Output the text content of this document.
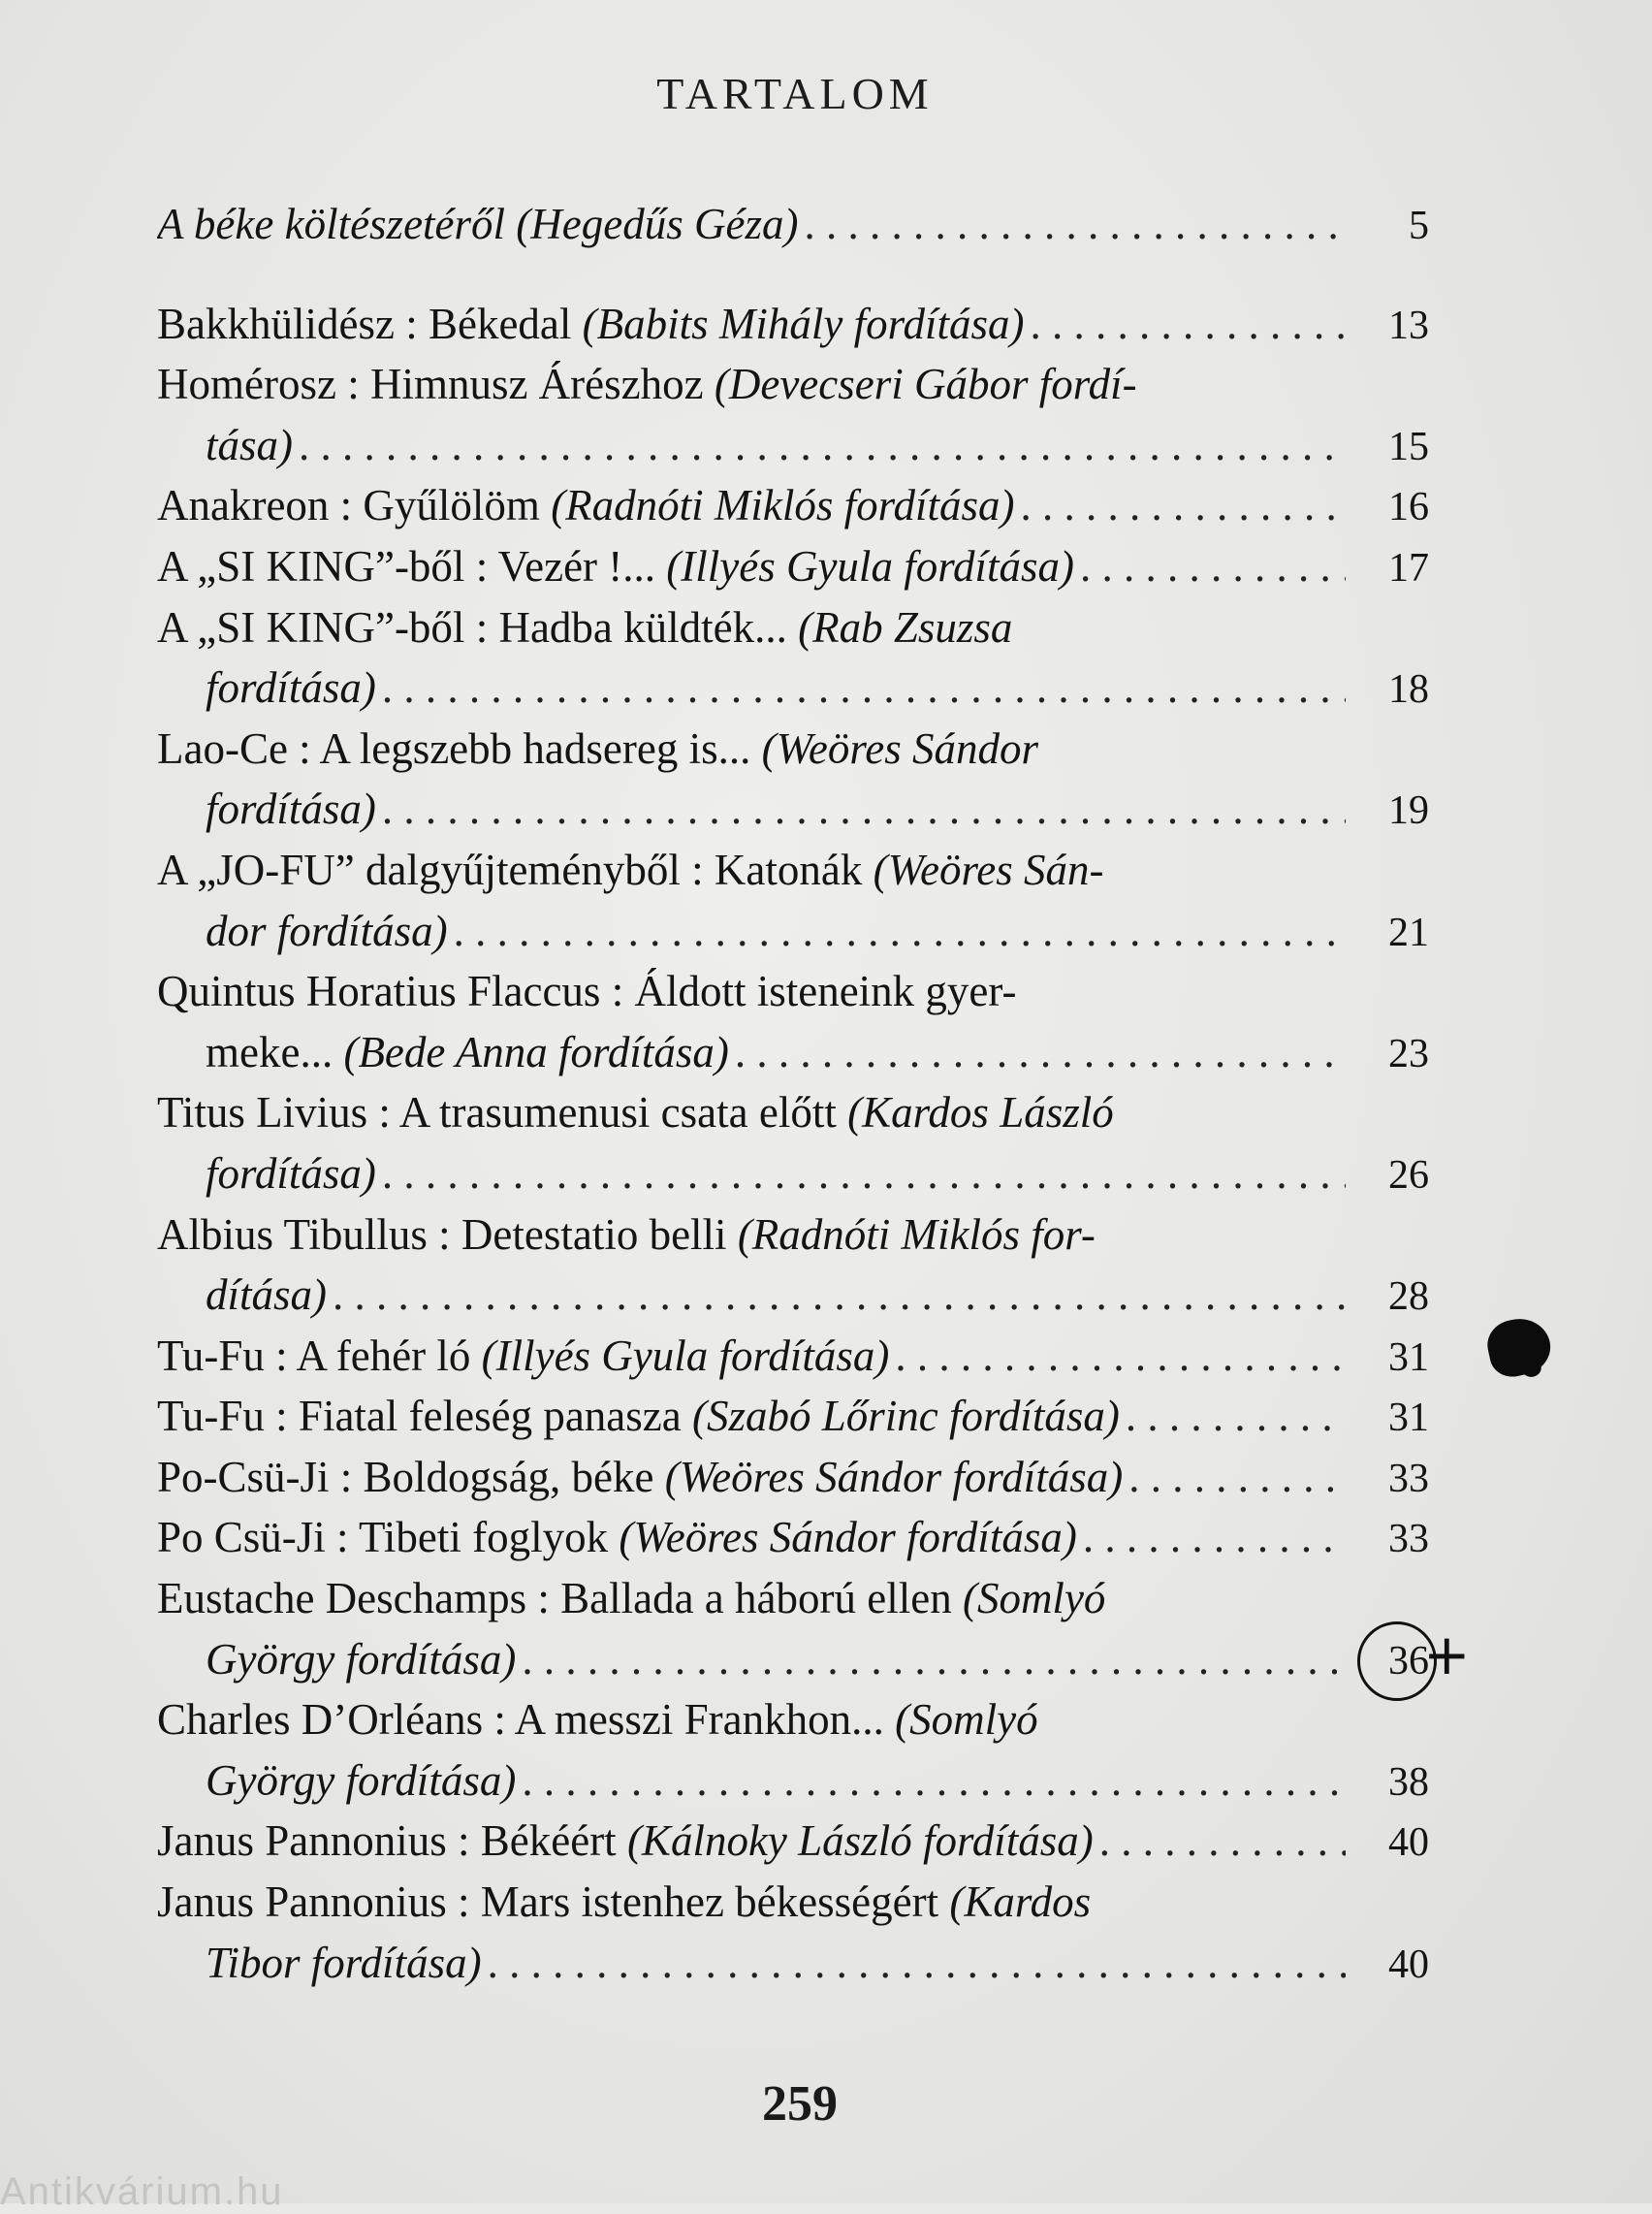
TARTALOM
A béke költészetéről (Hegedűs Géza) . . .	5
Bakkhülidész : Békedal (Babits Mihály fordítása) . . .	13
Homérosz : Himnusz Árészhoz (Devecseri Gábor fordí-
tása) . . .	15
Anakreon : Gyűlölöm (Radnóti Miklós fordítása) . . .	16
A „SI KING”-ből : Vezér !... (Illyés Gyula fordítása) . . .	17
A „SI KING”-ből : Hadba küldték... (Rab Zsuzsa
fordítása) . . .	18
Lao-Ce : A legszebb hadsereg is... (Weöres Sándor
fordítása) . . .	19
A „JO-FU” dalgyűjteményből : Katonák (Weöres Sán-
dor fordítása) . . .	21
Quintus Horatius Flaccus : Áldott isteneink gyer-
meke... (Bede Anna fordítása) . . .	23
Titus Livius : A trasumenusi csata előtt (Kardos László
fordítása) . . .	26
Albius Tibullus : Detestatio belli (Radnóti Miklós for-
dítása) . . .	28
Tu-Fu : A fehér ló (Illyés Gyula fordítása) . . .	31
Tu-Fu : Fiatal feleség panasza (Szabó Lőrinc fordítása) . . .	31
Po-Csü-Ji : Boldogság, béke (Weöres Sándor fordítása) . . .	33
Po Csü-Ji : Tibeti foglyok (Weöres Sándor fordítása) . . .	33
Eustache Deschamps : Ballada a háború ellen (Somlyó
György fordítása) . . .	36
Charles D’Orléans : A messzi Frankhon... (Somlyó
György fordítása) . . .	38
Janus Pannonius : Békéért (Kálnoky László fordítása) . . .	40
Janus Pannonius : Mars istenhez békességért (Kardos
Tibor fordítása) . . .	40
+
259
Antikvárium.hu
